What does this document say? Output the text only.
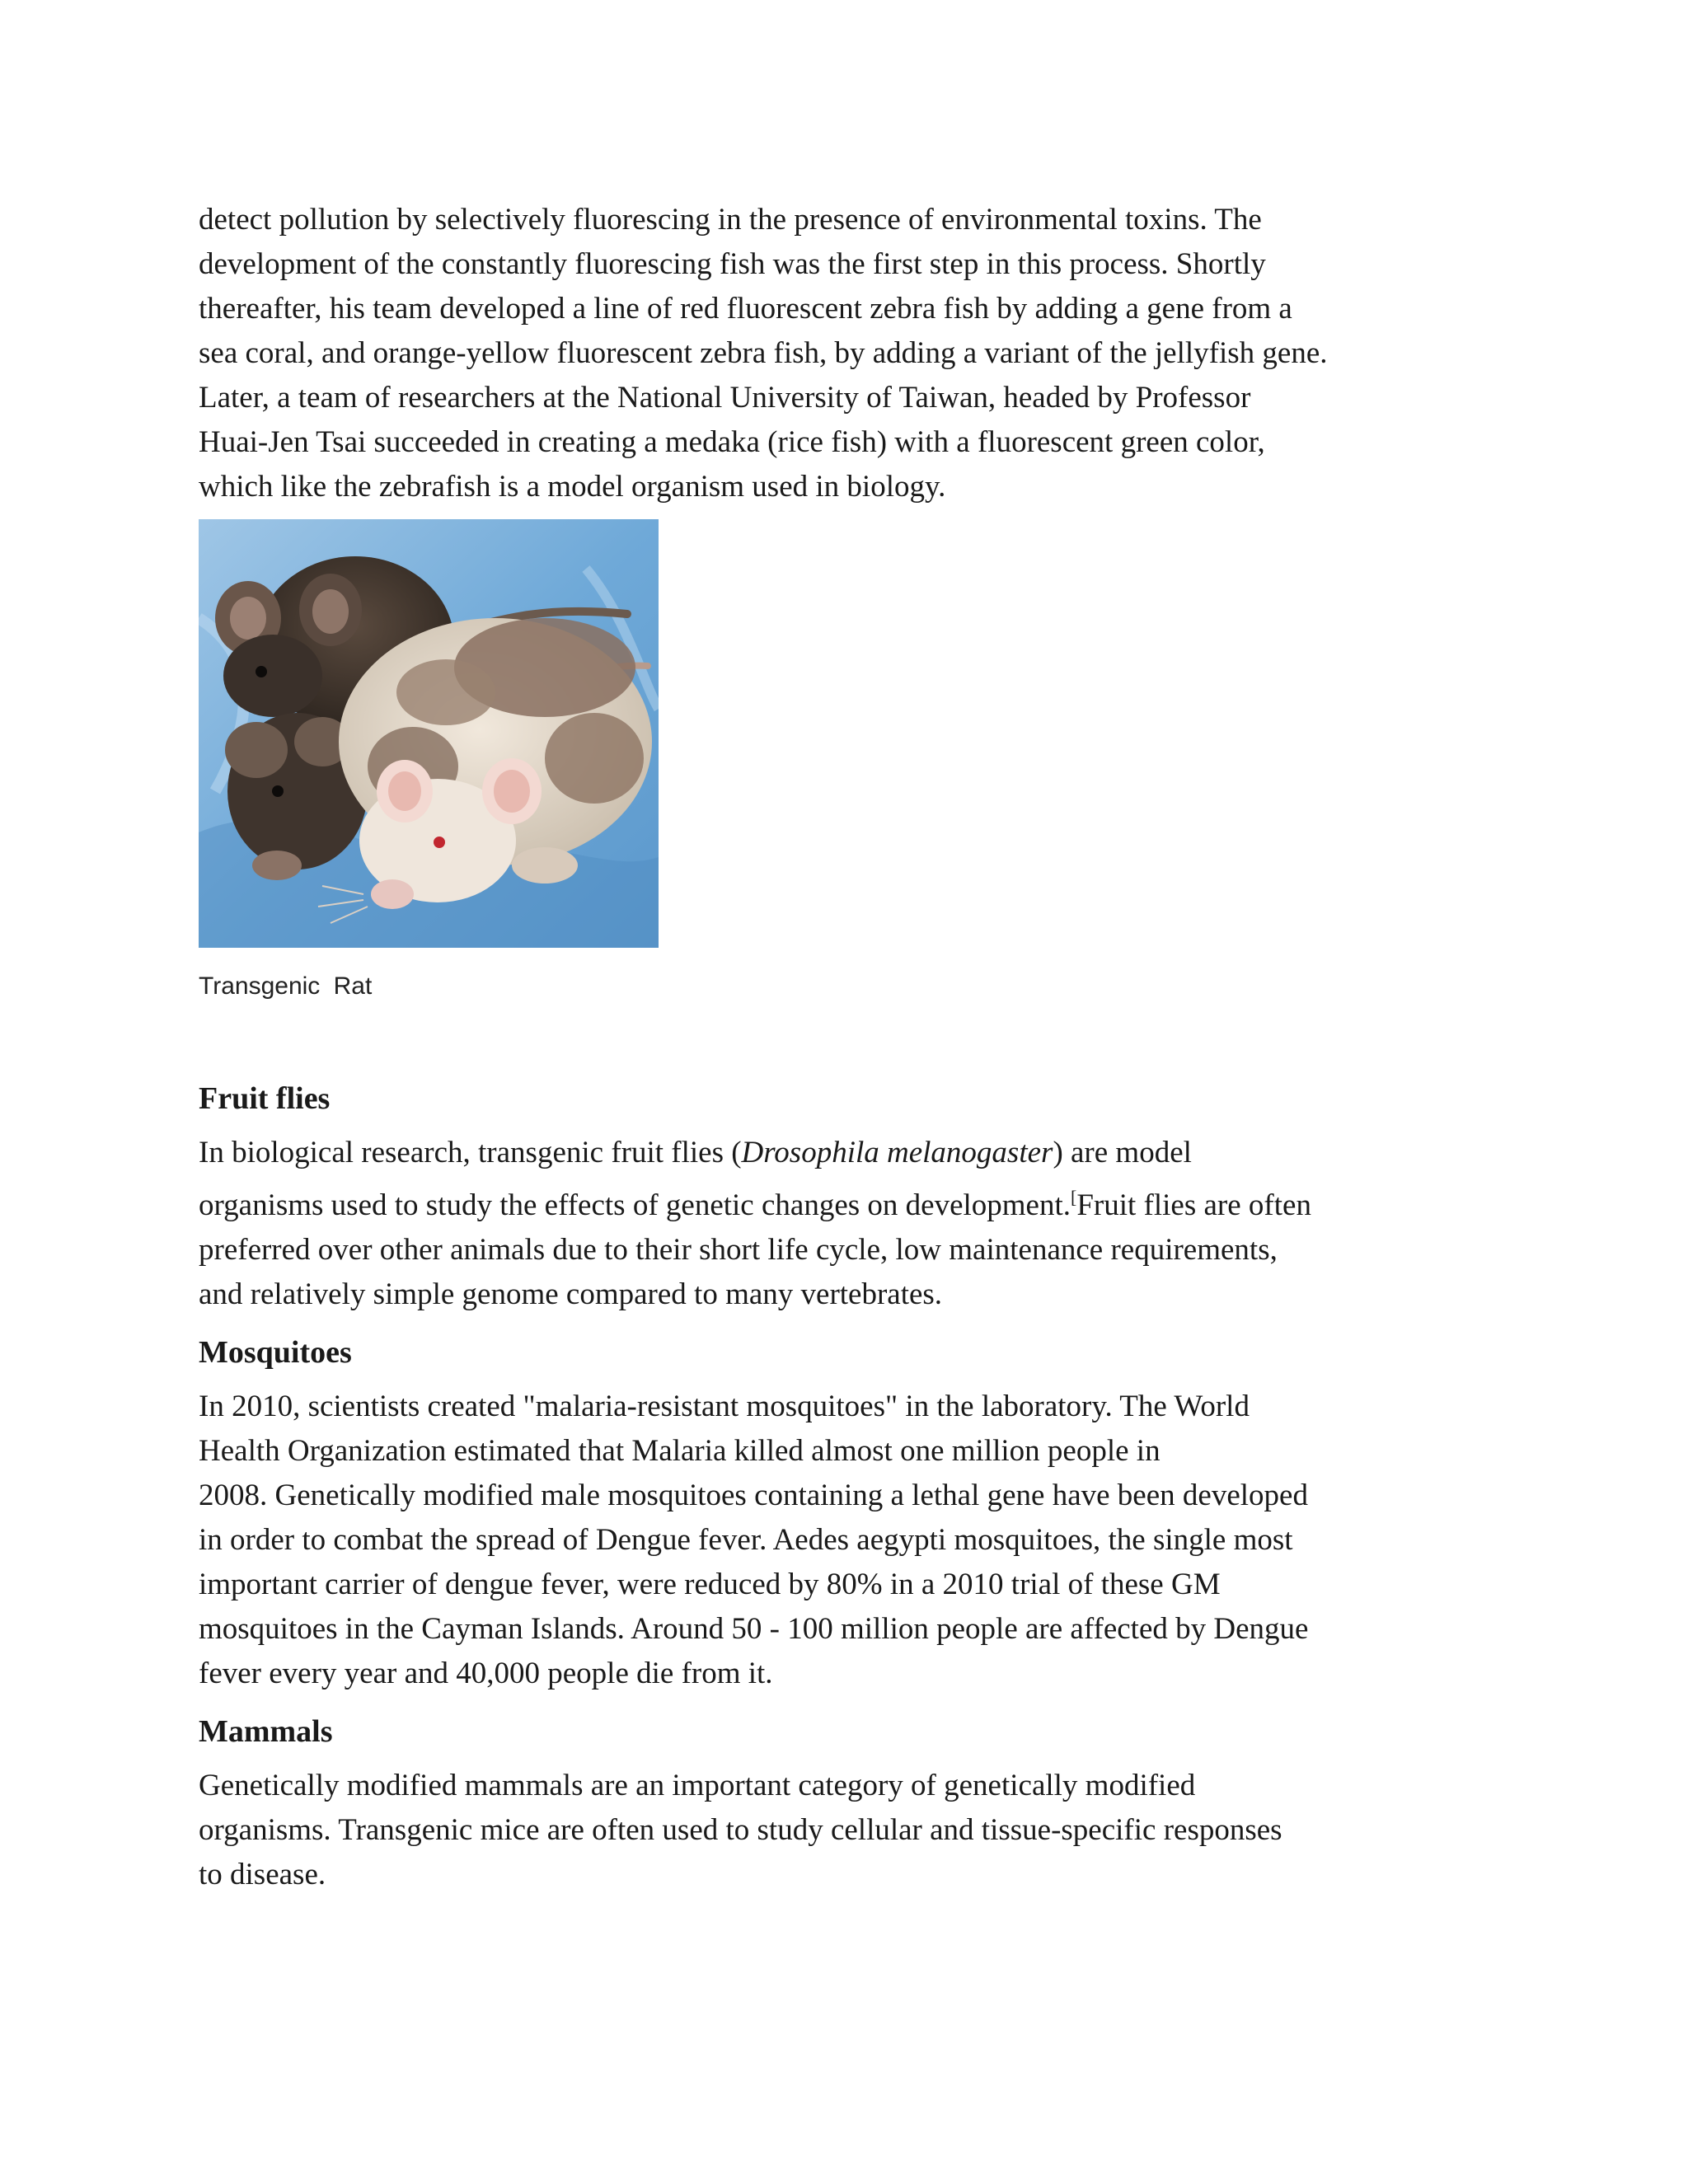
detect pollution by selectively fluorescing in the presence of environmental toxins. The
development of the constantly fluorescing fish was the first step in this process. Shortly
thereafter, his team developed a line of red fluorescent zebra fish by adding a gene from a
sea coral, and orange-yellow fluorescent zebra fish, by adding a variant of the jellyfish gene.
Later, a team of researchers at the National University of Taiwan, headed by Professor
Huai-Jen Tsai succeeded in creating a medaka (rice fish) with a fluorescent green color,
which like the zebrafish is a model organism used in biology.

Transgenic Rat
Fruit flies

In biological research, transgenic fruit flies (Drosophila melanogaster) are model
organisms used to study the effects of genetic changes on development.[Fruit flies are often
preferred over other animals due to their short life cycle, low maintenance requirements,
and relatively simple genome compared to many vertebrates.

Mosquitoes

In 2010, scientists created "malaria-resistant mosquitoes" in the laboratory. The World
Health Organization estimated that Malaria killed almost one million people in
2008. Genetically modified male mosquitoes containing a lethal gene have been developed
in order to combat the spread of Dengue fever. Aedes aegypti mosquitoes, the single most
important carrier of dengue fever, were reduced by 80% in a 2010 trial of these GM
mosquitoes in the Cayman Islands. Around 50 - 100 million people are affected by Dengue
fever every year and 40,000 people die from it.

Mammals

Genetically modified mammals are an important category of genetically modified
organisms. Transgenic mice are often used to study cellular and tissue-specific responses
to disease.
